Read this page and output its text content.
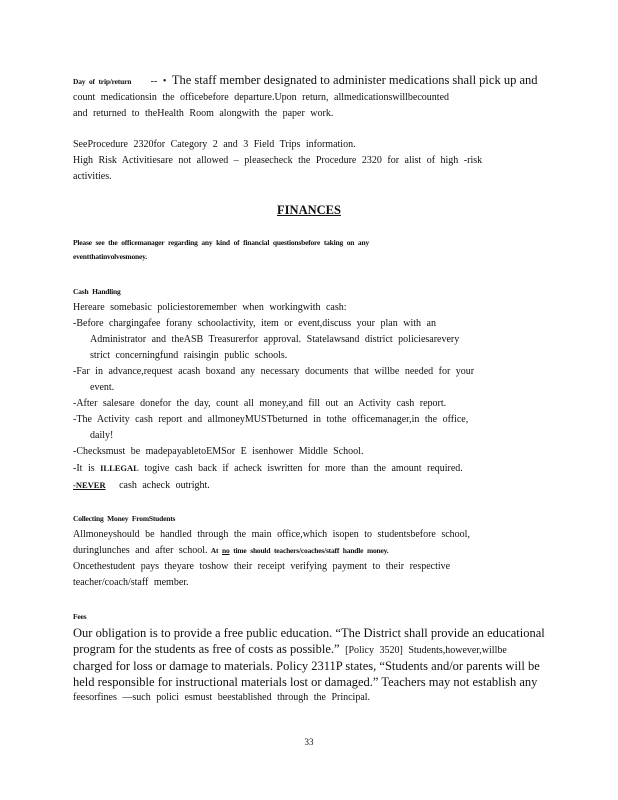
Day of trip/return -- • The staff member designated to administer medications shall pick up and
count medicationsin the officebefore departure.Upon return, allmedicationswillbecounted
and returned to theHealth Room alongwith the paper work.
SeeProcedure 2320for Category 2 and 3 Field Trips information.
High Risk Activitiesare not allowed – pleasecheck the Procedure 2320 for alist of high -risk
activities.
FINANCES
Please see the officemanager regarding any kind of financial questionsbefore taking on any
eventthatinvolvesmoney.
Cash Handling
Hereare somebasic policiestoremember when workingwith cash:
-Before chargingafee forany schoolactivity, item or event,discuss your plan with an
Administrator and theASB Treasurerfor approval. Statelawsand district policiesarevery
strict concerningfund raisingin public schools.
-Far in advance,request acash boxand any necessary documents that willbe needed for your
event.
-After salesare donefor the day, count all money,and fill out an Activity cash report.
-The Activity cash report and allmoneyMUSTbeturned in tothe officemanager,in the office,
daily!
-Checksmust be madepayabletoEMSor E isenhower Middle School.
-It is ILLEGAL togive cash back if acheck iswritten for more than the amount required.
-NEVER cash acheck outright.
Collecting Money FromStudents
Allmoneyshould be handled through the main office,which isopen to studentsbefore school,
duringlunches and after school. At no time should teachers/coaches/staff handle money.
Oncethestudent pays theyare toshow their receipt verifying payment to their respective
teacher/coach/staff member.
Fees
Our obligation is to provide a free public education. “The District shall provide an educational
program for the students as free of costs as possible.” [Policy 3520] Students,however,willbe
charged for loss or damage to materials. Policy 2311P states, “Students and/or parents will be
held responsible for instructional materials lost or damaged.” Teachers may not establish any
feesorfines —such polici esmust beestablished through the Principal.
33
